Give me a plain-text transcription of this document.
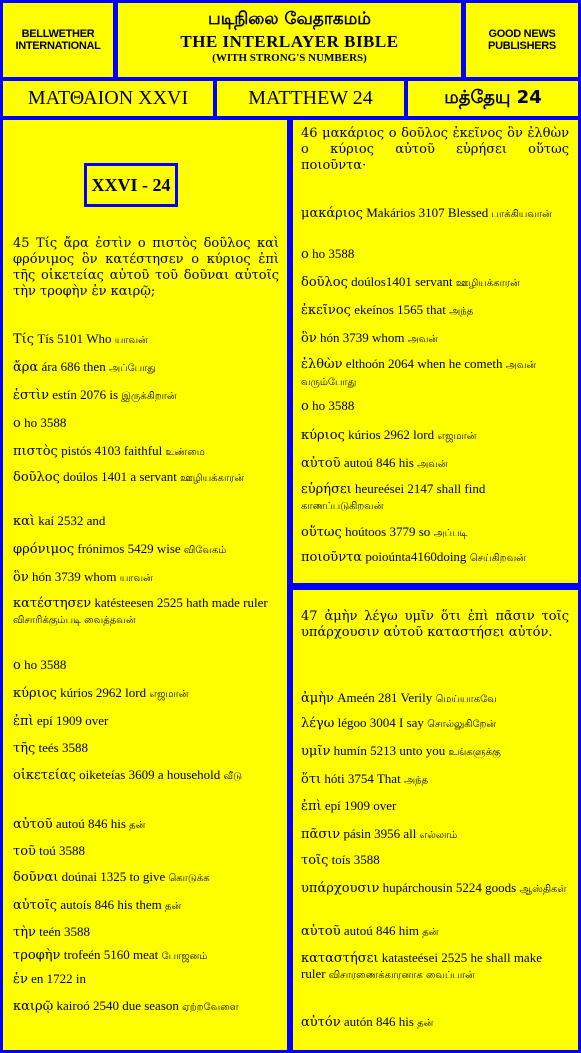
BELLWETHER
INTERNATIONAL
படிநிலை வேதாகமம்
THE INTERLAYER BIBLE
(WITH STRONG'S NUMBERS)
GOOD NEWS
PUBLISHERS
ΜΑΤΘΑΙΟΝ XXVI	MATTHEW 24	மத்தேயு 24
XXVI - 24
45 Τίς ἄρα ἐστὶν ο πιστὸς δοῦλος καὶ φρόνιμος ὃν κατέστησεν ο κύριος ἐπὶ τῆς οἰκετείας αὐτοῦ τοῦ δοῦναι αὐτοῖς τὴν τροφὴν ἐν καιρῷ;
Τίς Tís 5101 Who யாவன்
ἄρα ára 686 then அப்போது
ἐστὶν estín 2076 is இருக்கிறான்
ο ho 3588
πιστὸς pistós 4103 faithful உண்மை
δοῦλος doúlos 1401 a servant ஊழியக்காரன்
καὶ kaí 2532 and
φρόνιμος frónimos 5429 wise விவேகம்
ὃν hón 3739 whom யாவன்
κατέστησεν katésteesen 2525 hath made ruler விசாரிக்கும்படி வைத்தவன்
ο ho 3588
κύριος kúrios 2962 lord எஜமான்
ἐπὶ epí 1909 over
τῆς teés 3588
οἰκετείας oiketeías 3609 a household வீடு
αὐτοῦ autoú 846 his தன்
τοῦ toú 3588
δοῦναι doúnai 1325 to give கொடுக்க
αὐτοῖς autoís 846 his them தன்
τὴν teén 3588
τροφὴν trofeén 5160 meat போஜனம்
ἐν en 1722 in
καιρῷ kairoó 2540 due season ஏற்றவேளை
46 μακάριος ο δοῦλος ἐκεῖνος ὃν ἐλθὼν ο κύριος αὐτοῦ εὑρήσει οὕτως ποιοῦντα·
μακάριος Makários 3107 Blessed பாக்கியவான்
ο ho 3588
δοῦλος doúlos1401 servant ஊழியக்காரன்
ἐκεῖνος ekeínos 1565 that அந்த
ὃν hón 3739 whom அவன்
ἐλθὼν elthoón 2064 when he cometh அவன் வரும்போது
ο ho 3588
κύριος kúrios 2962 lord எஜமான்
αὐτοῦ autoú 846 his அவன்
εὑρήσει heureései 2147 shall find காணப்படுகிறவன்
οὕτως hoútoos 3779 so அப்படி
ποιοῦντα poioúnta4160doing செய்கிறவன்
47 ἀμὴν λέγω υμῖν ὅτι ἐπὶ πᾶσιν τοῖς υπάρχουσιν αὐτοῦ καταστήσει αὐτόν.
ἀμὴν Ameén 281 Verily மெய்யாகவே
λέγω légoo 3004 I say சொல்லுகிறேன்
υμῖν humín 5213 unto you உங்களுக்கு
ὅτι hóti 3754 That அந்த
ἐπὶ epí 1909 over
πᾶσιν pásin 3956 all எல்லாம்
τοῖς toís 3588
υπάρχουσιν hupárchousin 5224 goods ஆஸ்திகள்
αὐτοῦ autoú 846 him தன்
καταστήσει katasteései 2525 he shall make ruler விசாரணைக்காரனாக வைப்பான்
αὐτόν autón 846 his தன்
